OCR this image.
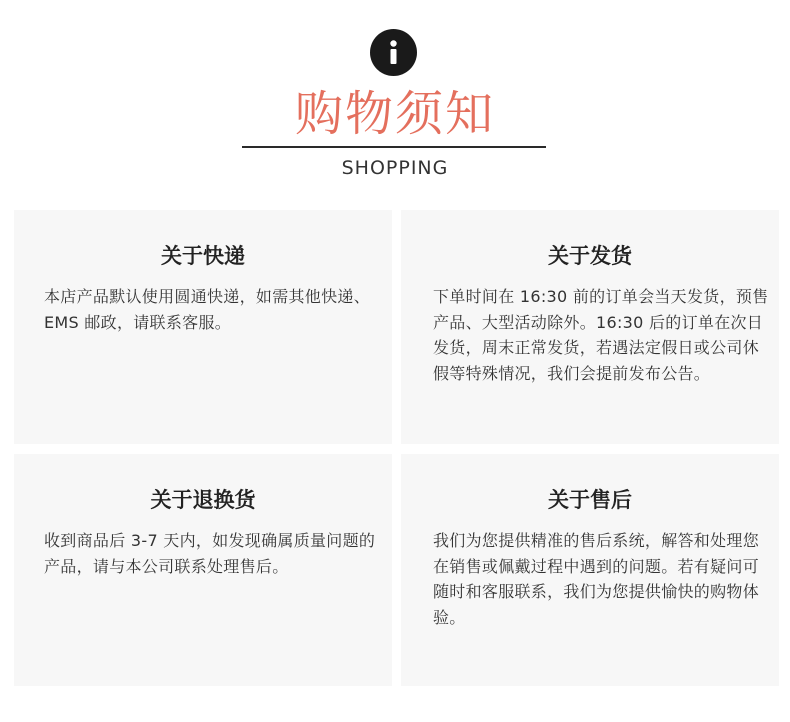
购物须知
SHOPPING
关于快递

本店产品默认使用圆通快递，如需其他快递、EMS 邮政，请联系客服。

关于发货

下单时间在 16:30 前的订单会当天发货，预售产品、大型活动除外。16:30 后的订单在次日发货，周末正常发货，若遇法定假日或公司休假等特殊情况，我们会提前发布公告。

关于退换货

收到商品后 3-7 天内，如发现确属质量问题的产品，请与本公司联系处理售后。

关于售后

我们为您提供精准的售后系统，解答和处理您在销售或佩戴过程中遇到的问题。若有疑问可随时和客服联系，我们为您提供愉快的购物体验。
